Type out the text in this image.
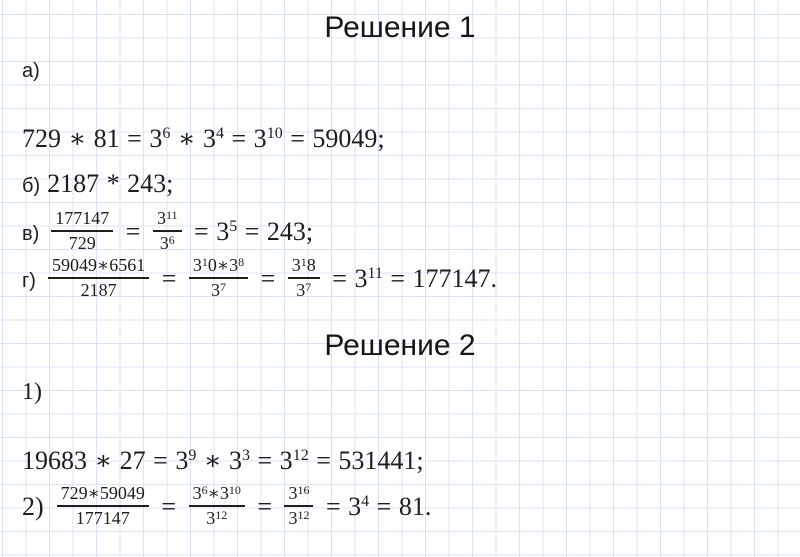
Решение 1
а)
729 ∗ $81 = 3^6$ ∗ $3^4 = 3^{10} = 59049$;
б) 2187 * 243;
$в) \frac{177147}{729} = \frac{3^{11}}{3^6} = 3^5 = 243$;
$г) \frac{59049∗6561}{2187} = \frac{3^10∗3^8}{3^7} = \frac{3^18}{3^7} = 3^{11} = 177147$.
Решение 2
1)
19683 ∗ $27 = 3^9$ ∗ $3^3 = 3^{12} = 531441$;
$2) \frac{729∗59049}{177147} = \frac{3^6∗3^{10}}{3^{12}} = \frac{3^{16}}{3^{12}} = 3^4 = 81$.
